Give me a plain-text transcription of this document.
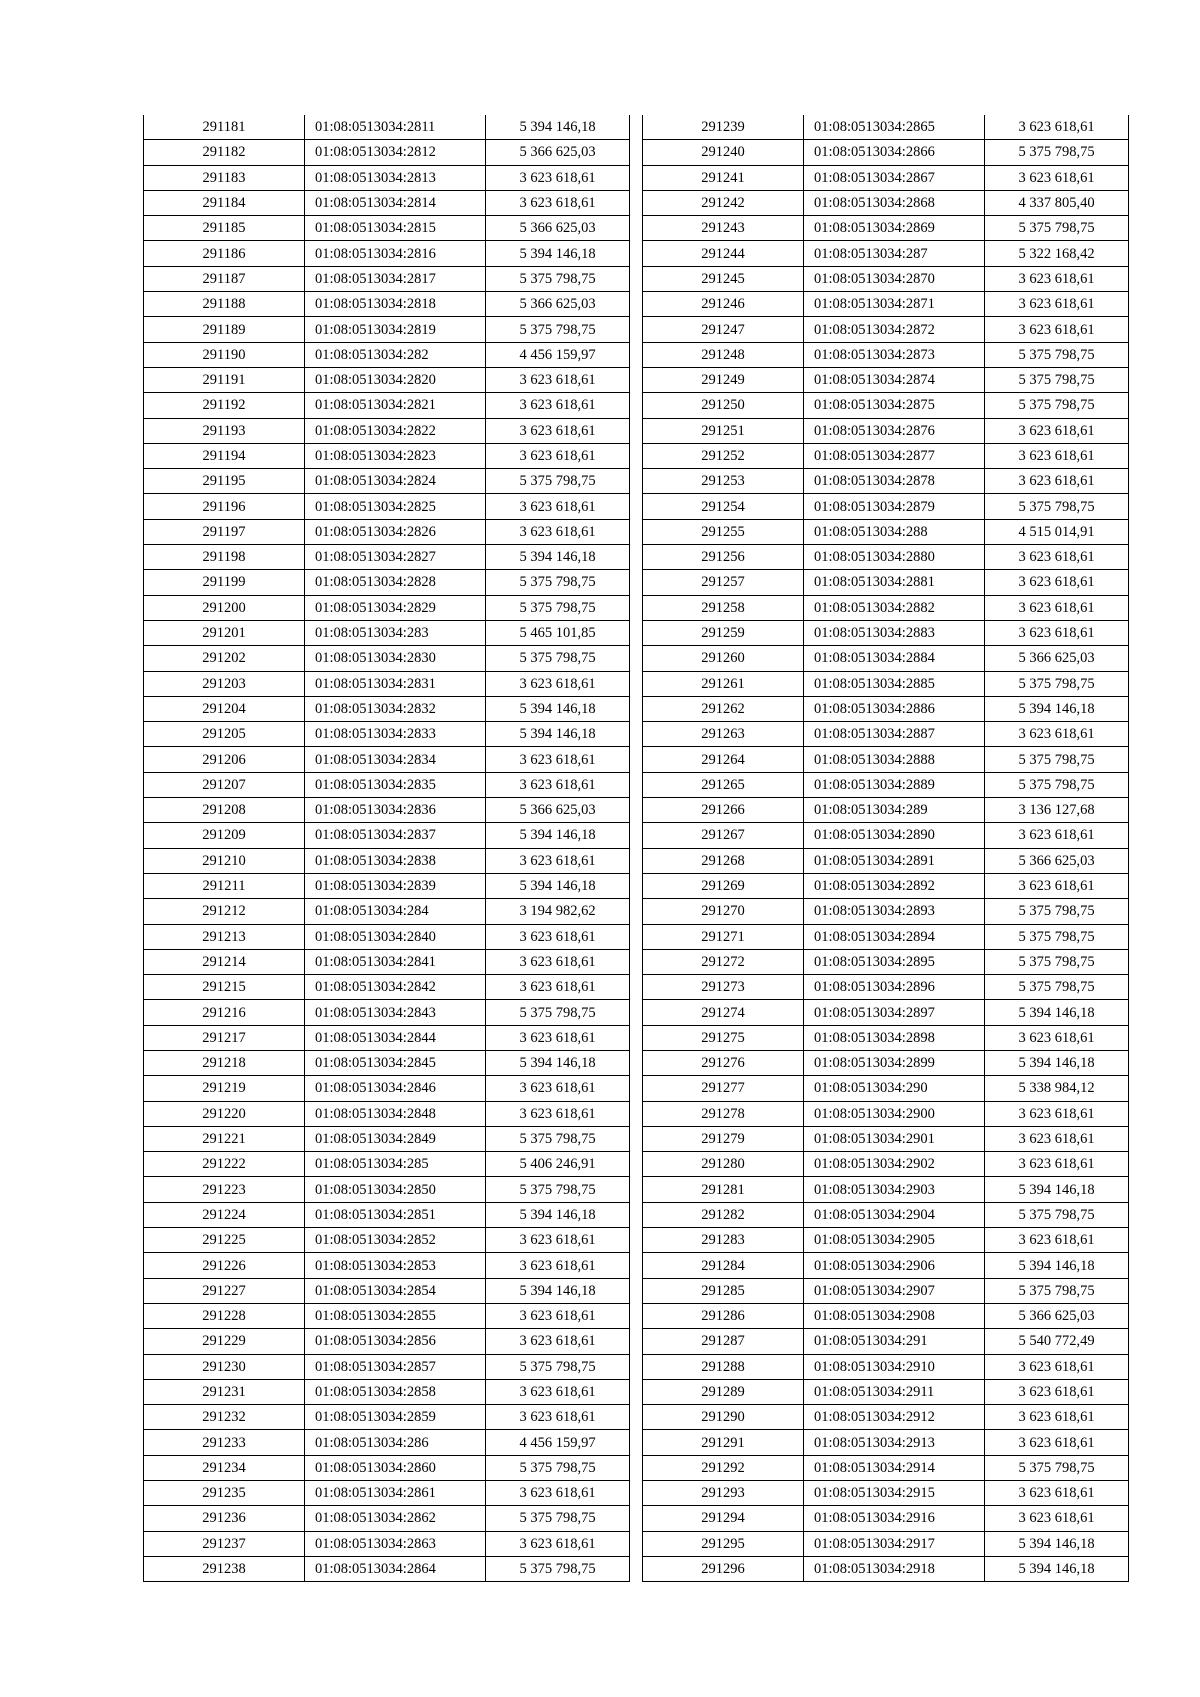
291181	01:08:0513034:2811	5 394 146,18
291182	01:08:0513034:2812	5 366 625,03
291183	01:08:0513034:2813	3 623 618,61
291184	01:08:0513034:2814	3 623 618,61
291185	01:08:0513034:2815	5 366 625,03
291186	01:08:0513034:2816	5 394 146,18
291187	01:08:0513034:2817	5 375 798,75
291188	01:08:0513034:2818	5 366 625,03
291189	01:08:0513034:2819	5 375 798,75
291190	01:08:0513034:282	4 456 159,97
291191	01:08:0513034:2820	3 623 618,61
291192	01:08:0513034:2821	3 623 618,61
291193	01:08:0513034:2822	3 623 618,61
291194	01:08:0513034:2823	3 623 618,61
291195	01:08:0513034:2824	5 375 798,75
291196	01:08:0513034:2825	3 623 618,61
291197	01:08:0513034:2826	3 623 618,61
291198	01:08:0513034:2827	5 394 146,18
291199	01:08:0513034:2828	5 375 798,75
291200	01:08:0513034:2829	5 375 798,75
291201	01:08:0513034:283	5 465 101,85
291202	01:08:0513034:2830	5 375 798,75
291203	01:08:0513034:2831	3 623 618,61
291204	01:08:0513034:2832	5 394 146,18
291205	01:08:0513034:2833	5 394 146,18
291206	01:08:0513034:2834	3 623 618,61
291207	01:08:0513034:2835	3 623 618,61
291208	01:08:0513034:2836	5 366 625,03
291209	01:08:0513034:2837	5 394 146,18
291210	01:08:0513034:2838	3 623 618,61
291211	01:08:0513034:2839	5 394 146,18
291212	01:08:0513034:284	3 194 982,62
291213	01:08:0513034:2840	3 623 618,61
291214	01:08:0513034:2841	3 623 618,61
291215	01:08:0513034:2842	3 623 618,61
291216	01:08:0513034:2843	5 375 798,75
291217	01:08:0513034:2844	3 623 618,61
291218	01:08:0513034:2845	5 394 146,18
291219	01:08:0513034:2846	3 623 618,61
291220	01:08:0513034:2848	3 623 618,61
291221	01:08:0513034:2849	5 375 798,75
291222	01:08:0513034:285	5 406 246,91
291223	01:08:0513034:2850	5 375 798,75
291224	01:08:0513034:2851	5 394 146,18
291225	01:08:0513034:2852	3 623 618,61
291226	01:08:0513034:2853	3 623 618,61
291227	01:08:0513034:2854	5 394 146,18
291228	01:08:0513034:2855	3 623 618,61
291229	01:08:0513034:2856	3 623 618,61
291230	01:08:0513034:2857	5 375 798,75
291231	01:08:0513034:2858	3 623 618,61
291232	01:08:0513034:2859	3 623 618,61
291233	01:08:0513034:286	4 456 159,97
291234	01:08:0513034:2860	5 375 798,75
291235	01:08:0513034:2861	3 623 618,61
291236	01:08:0513034:2862	5 375 798,75
291237	01:08:0513034:2863	3 623 618,61
291238	01:08:0513034:2864	5 375 798,75
291239	01:08:0513034:2865	3 623 618,61
291240	01:08:0513034:2866	5 375 798,75
291241	01:08:0513034:2867	3 623 618,61
291242	01:08:0513034:2868	4 337 805,40
291243	01:08:0513034:2869	5 375 798,75
291244	01:08:0513034:287	5 322 168,42
291245	01:08:0513034:2870	3 623 618,61
291246	01:08:0513034:2871	3 623 618,61
291247	01:08:0513034:2872	3 623 618,61
291248	01:08:0513034:2873	5 375 798,75
291249	01:08:0513034:2874	5 375 798,75
291250	01:08:0513034:2875	5 375 798,75
291251	01:08:0513034:2876	3 623 618,61
291252	01:08:0513034:2877	3 623 618,61
291253	01:08:0513034:2878	3 623 618,61
291254	01:08:0513034:2879	5 375 798,75
291255	01:08:0513034:288	4 515 014,91
291256	01:08:0513034:2880	3 623 618,61
291257	01:08:0513034:2881	3 623 618,61
291258	01:08:0513034:2882	3 623 618,61
291259	01:08:0513034:2883	3 623 618,61
291260	01:08:0513034:2884	5 366 625,03
291261	01:08:0513034:2885	5 375 798,75
291262	01:08:0513034:2886	5 394 146,18
291263	01:08:0513034:2887	3 623 618,61
291264	01:08:0513034:2888	5 375 798,75
291265	01:08:0513034:2889	5 375 798,75
291266	01:08:0513034:289	3 136 127,68
291267	01:08:0513034:2890	3 623 618,61
291268	01:08:0513034:2891	5 366 625,03
291269	01:08:0513034:2892	3 623 618,61
291270	01:08:0513034:2893	5 375 798,75
291271	01:08:0513034:2894	5 375 798,75
291272	01:08:0513034:2895	5 375 798,75
291273	01:08:0513034:2896	5 375 798,75
291274	01:08:0513034:2897	5 394 146,18
291275	01:08:0513034:2898	3 623 618,61
291276	01:08:0513034:2899	5 394 146,18
291277	01:08:0513034:290	5 338 984,12
291278	01:08:0513034:2900	3 623 618,61
291279	01:08:0513034:2901	3 623 618,61
291280	01:08:0513034:2902	3 623 618,61
291281	01:08:0513034:2903	5 394 146,18
291282	01:08:0513034:2904	5 375 798,75
291283	01:08:0513034:2905	3 623 618,61
291284	01:08:0513034:2906	5 394 146,18
291285	01:08:0513034:2907	5 375 798,75
291286	01:08:0513034:2908	5 366 625,03
291287	01:08:0513034:291	5 540 772,49
291288	01:08:0513034:2910	3 623 618,61
291289	01:08:0513034:2911	3 623 618,61
291290	01:08:0513034:2912	3 623 618,61
291291	01:08:0513034:2913	3 623 618,61
291292	01:08:0513034:2914	5 375 798,75
291293	01:08:0513034:2915	3 623 618,61
291294	01:08:0513034:2916	3 623 618,61
291295	01:08:0513034:2917	5 394 146,18
291296	01:08:0513034:2918	5 394 146,18
